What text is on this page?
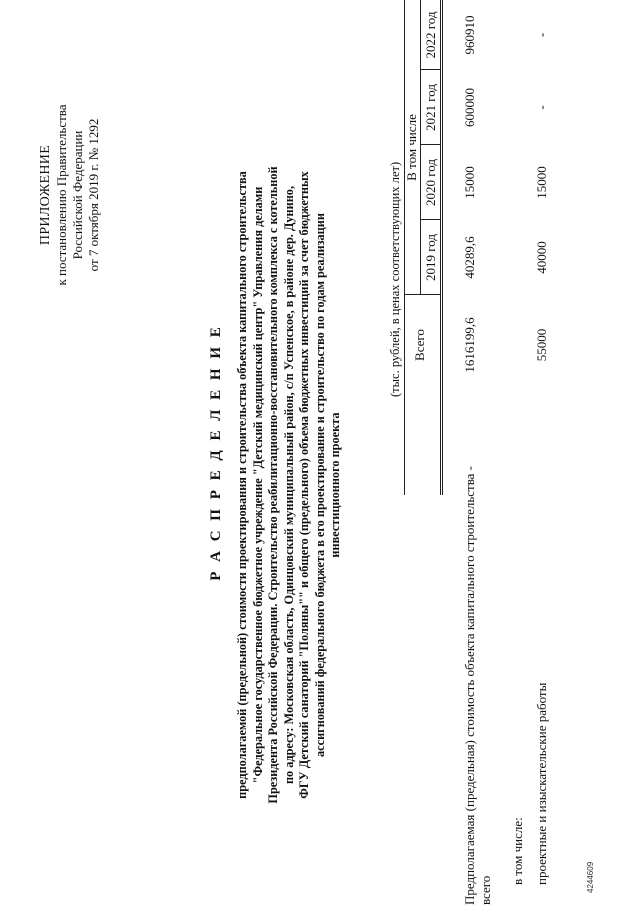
ПРИЛОЖЕНИЕ к постановлению Правительства Российской Федерации от 7 октября 2019 г. № 1292
Р А С П Р Е Д Е Л Е Н И Е предполагаемой (предельной) стоимости проектирования и строительства объекта капитального строительства "Федеральное государственное бюджетное учреждение "Детский медицинский центр" Управления делами Президента Российской Федерации. Строительство реабилитационно-восстановительного комплекса с котельной по адресу: Московская область, Одинцовский муниципальный район, с/п Успенское, в районе дер. Дунино, ФГУ Детский санаторий "Поляны"" и общего (предельного) объема бюджетных инвестиций за счет бюджетных ассигнований федерального бюджета в его проектирование и строительство по годам реализации инвестиционного проекта
(тыс. рублей, в ценах соответствующих лет) Всего
В том числе
2019 год
2020 год
2021 год
2022 год
Предполагаемая (предельная) стоимость объекта капитального строительства - всего
1616199,6
40289,6
15000
600000
960910
в том числе: проектные и изыскательские работы
55000
40000
15000
-
-
4244609
